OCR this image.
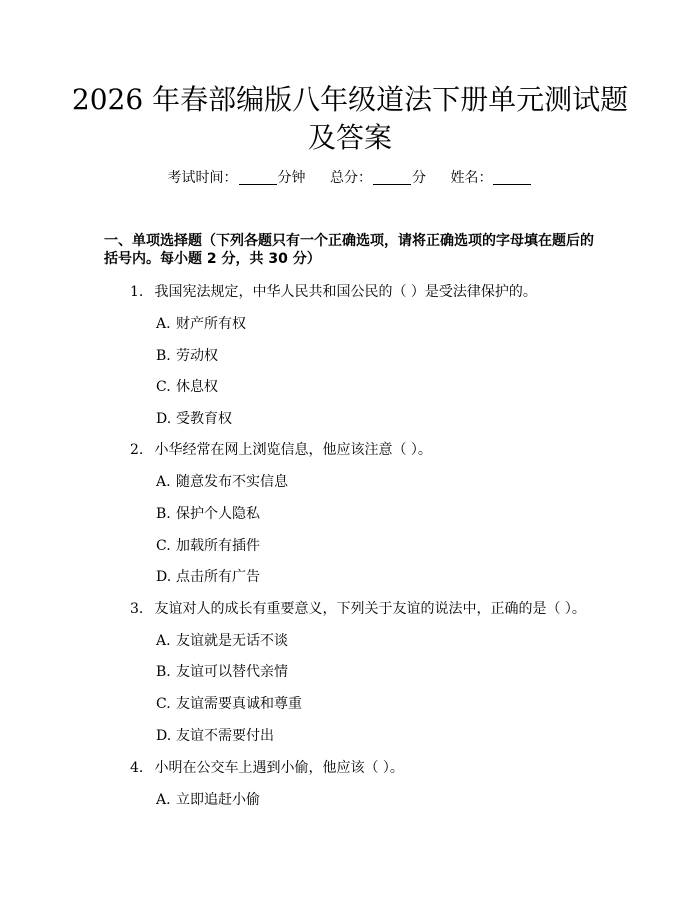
2026 年春部编版八年级道法下册单元测试题
及答案
考试时间：	分钟 总分：	分 姓名：
一、单项选择题（下列各题只有一个正确选项，请将正确选项的字母填在题后的
括号内。每小题 2 分，共 30 分）
1. 我国宪法规定，中华人民共和国公民的（ ）是受法律保护的。
A. 财产所有权
B. 劳动权
C. 休息权
D. 受教育权
2. 小华经常在网上浏览信息，他应该注意（ ）。
A. 随意发布不实信息
B. 保护个人隐私
C. 加载所有插件
D. 点击所有广告
3. 友谊对人的成长有重要意义，下列关于友谊的说法中，正确的是（ ）。
A. 友谊就是无话不谈
B. 友谊可以替代亲情
C. 友谊需要真诚和尊重
D. 友谊不需要付出
4. 小明在公交车上遇到小偷，他应该（ ）。
A. 立即追赶小偷
